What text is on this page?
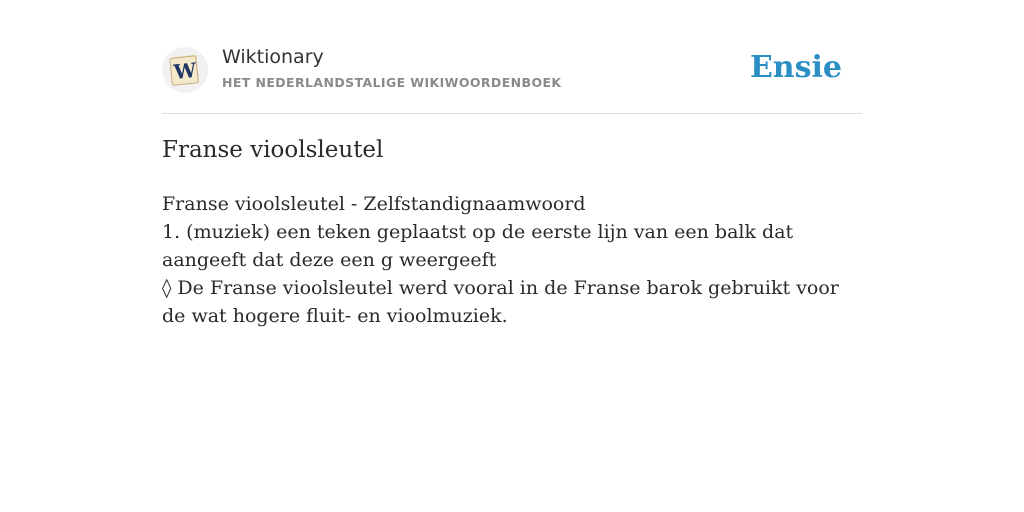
W
Wiktionary
HET NEDERLANDSTALIGE WIKIWOORDENBOEK	Ensie
Franse vioolsleutel

Franse vioolsleutel - Zelfstandignaamwoord

1. (muziek) een teken geplaatst op de eerste lijn van een balk dat aangeeft dat deze een g weergeeft

◊ De Franse vioolsleutel werd vooral in de Franse barok gebruikt voor de wat hogere fluit- en vioolmuziek.
